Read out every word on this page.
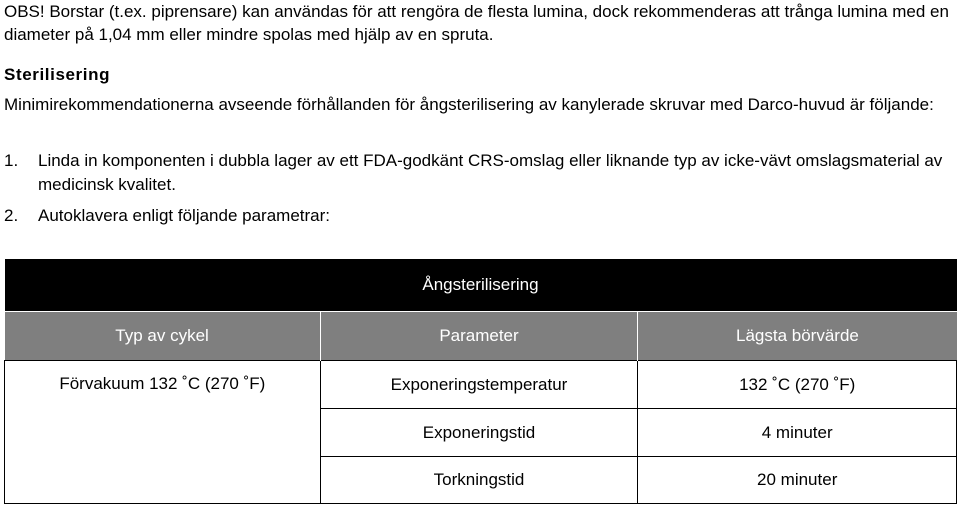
OBS! Borstar (t.ex. piprensare) kan användas för att rengöra de flesta lumina, dock rekommenderas att trånga lumina med en diameter på 1,04 mm eller mindre spolas med hjälp av en spruta.
Sterilisering
Minimirekommendationerna avseende förhållanden för ångsterilisering av kanylerade skruvar med Darco-huvud är följande:
1. Linda in komponenten i dubbla lager av ett FDA-godkänt CRS-omslag eller liknande typ av icke-vävt omslagsmaterial av medicinsk kvalitet.
2. Autoklavera enligt följande parametrar:
Ångsterilisering		
Typ av cykel	Parameter	Lägsta börvärde
Förvakuum 132 ˚C (270 ˚F)	Exponeringstemperatur	132 ˚C (270 ˚F)
	Exponeringstid	4 minuter
	Torkningstid	20 minuter
